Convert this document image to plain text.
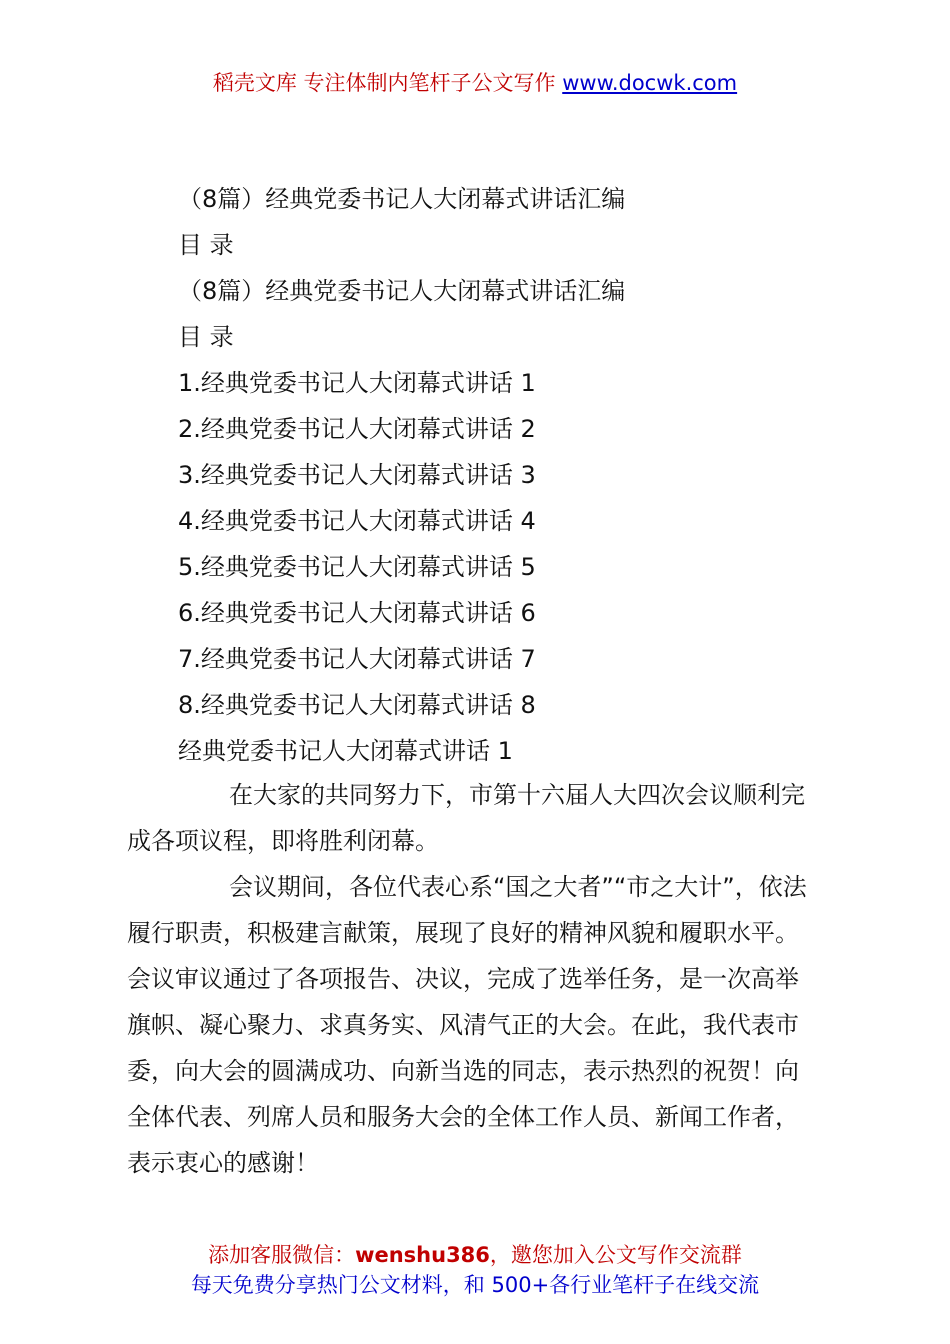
稻壳文库 专注体制内笔杆子公文写作 www.docwk.com
（8篇）经典党委书记人大闭幕式讲话汇编
目 录
（8篇）经典党委书记人大闭幕式讲话汇编
目 录
1.经典党委书记人大闭幕式讲话 1
2.经典党委书记人大闭幕式讲话 2
3.经典党委书记人大闭幕式讲话 3
4.经典党委书记人大闭幕式讲话 4
5.经典党委书记人大闭幕式讲话 5
6.经典党委书记人大闭幕式讲话 6
7.经典党委书记人大闭幕式讲话 7
8.经典党委书记人大闭幕式讲话 8
经典党委书记人大闭幕式讲话 1

在大家的共同努力下，市第十六届人大四次会议顺利完成各项议程，即将胜利闭幕。

会议期间，各位代表心系“国之大者”“市之大计”，依法履行职责，积极建言献策，展现了良好的精神风貌和履职水平。会议审议通过了各项报告、决议，完成了选举任务，是一次高举旗帜、凝心聚力、求真务实、风清气正的大会。在此，我代表市委，向大会的圆满成功、向新当选的同志，表示热烈的祝贺！向全体代表、列席人员和服务大会的全体工作人员、新闻工作者，表示衷心的感谢！

添加客服微信：wenshu386，邀您加入公文写作交流群
每天免费分享热门公文材料，和 500+各行业笔杆子在线交流
